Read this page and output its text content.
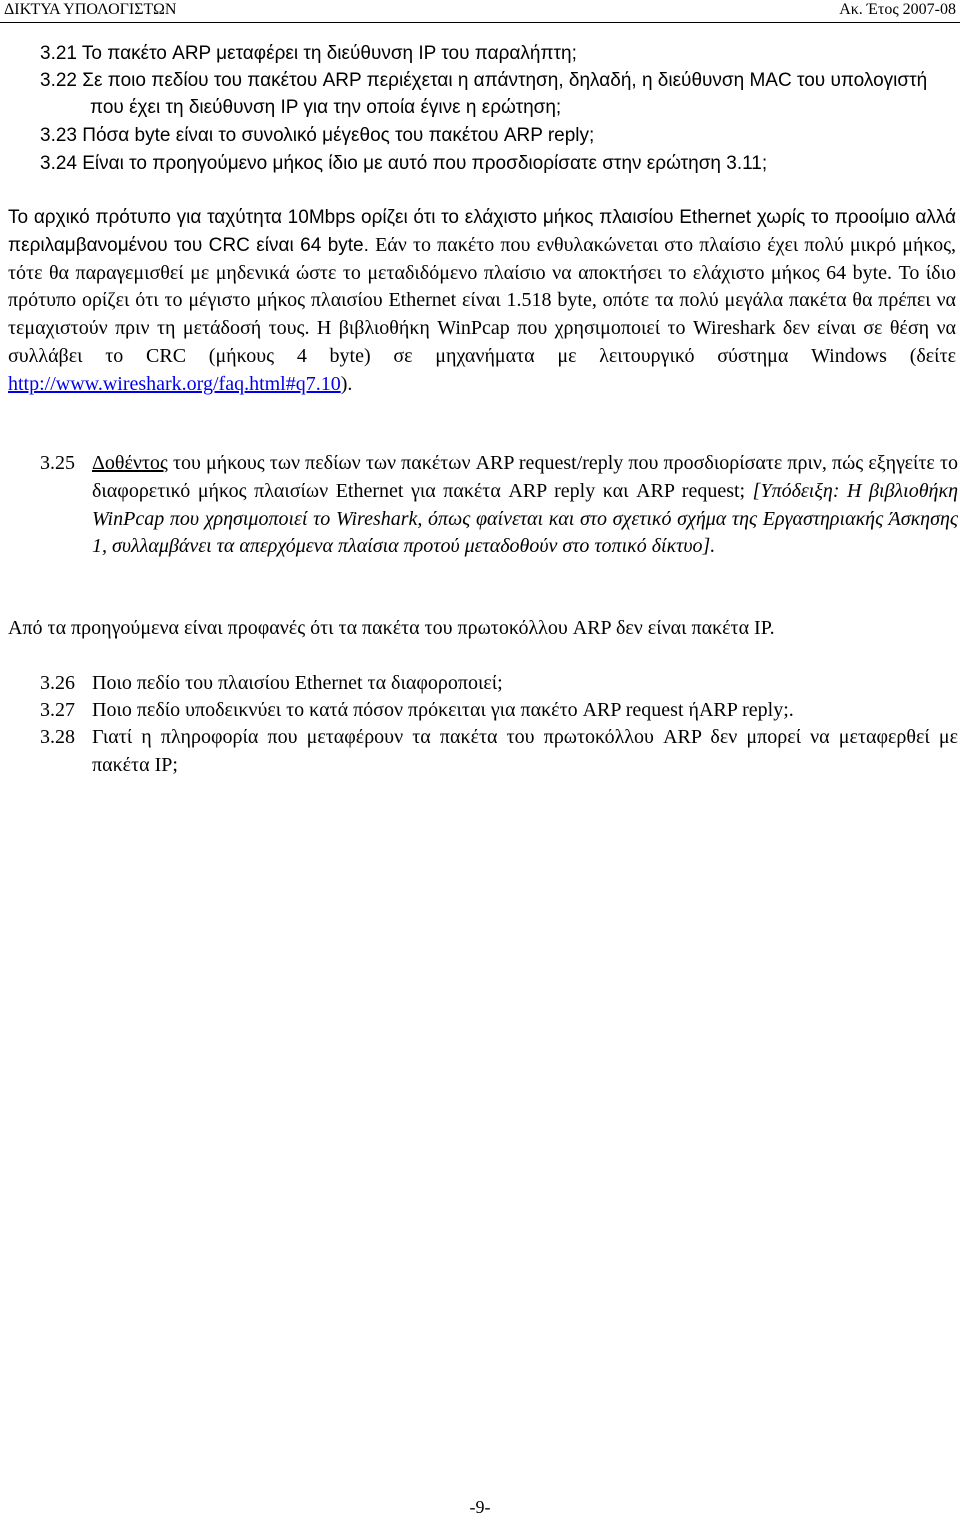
ΔΙΚΤΥΑ ΥΠΟΛΟΓΙΣΤΩΝ	Ακ. Έτος 2007-08
3.21 Το πακέτο ARP μεταφέρει τη διεύθυνση IP του παραλήπτη;
3.22 Σε ποιο πεδίου του πακέτου ARP περιέχεται η απάντηση, δηλαδή, η διεύθυνση MAC του υπολογιστή που έχει τη διεύθυνση IP για την οποία έγινε η ερώτηση;
3.23 Πόσα byte είναι το συνολικό μέγεθος του πακέτου ARP reply;
3.24 Είναι το προηγούμενο μήκος ίδιο με αυτό που προσδιορίσατε στην ερώτηση 3.11;
Το αρχικό πρότυπο για ταχύτητα 10Mbps ορίζει ότι το ελάχιστο μήκος πλαισίου Ethernet χωρίς το προοίμιο αλλά περιλαμβανομένου του CRC είναι 64 byte. Εάν το πακέτο που ενθυλακώνεται στο πλαίσιο έχει πολύ μικρό μήκος, τότε θα παραγεμισθεί με μηδενικά ώστε το μεταδιδόμενο πλαίσιο να αποκτήσει το ελάχιστο μήκος 64 byte. Το ίδιο πρότυπο ορίζει ότι το μέγιστο μήκος πλαισίου Ethernet είναι 1.518 byte, οπότε τα πολύ μεγάλα πακέτα θα πρέπει να τεμαχιστούν πριν τη μετάδοσή τους. Η βιβλιοθήκη WinPcap που χρησιμοποιεί το Wireshark δεν είναι σε θέση να συλλάβει το CRC (μήκους 4 byte) σε μηχανήματα με λειτουργικό σύστημα Windows (δείτε http://www.wireshark.org/faq.html#q7.10).
3.25 Δοθέντος του μήκους των πεδίων των πακέτων ARP request/reply που προσδιορίσατε πριν, πώς εξηγείτε το διαφορετικό μήκος πλαισίων Ethernet για πακέτα ARP reply και ARP request; [Υπόδειξη: Η βιβλιοθήκη WinPcap που χρησιμοποιεί το Wireshark, όπως φαίνεται και στο σχετικό σχήμα της Εργαστηριακής Άσκησης 1, συλλαμβάνει τα απερχόμενα πλαίσια προτού μεταδοθούν στο τοπικό δίκτυο].
Από τα προηγούμενα είναι προφανές ότι τα πακέτα του πρωτοκόλλου ARP δεν είναι πακέτα IP.
3.26 Ποιο πεδίο του πλαισίου Ethernet τα διαφοροποιεί;
3.27 Ποιο πεδίο υποδεικνύει το κατά πόσον πρόκειται για πακέτο ARP request ήARP reply;.
3.28 Γιατί η πληροφορία που μεταφέρουν τα πακέτα του πρωτοκόλλου ARP δεν μπορεί να μεταφερθεί με πακέτα IP;
-9-
